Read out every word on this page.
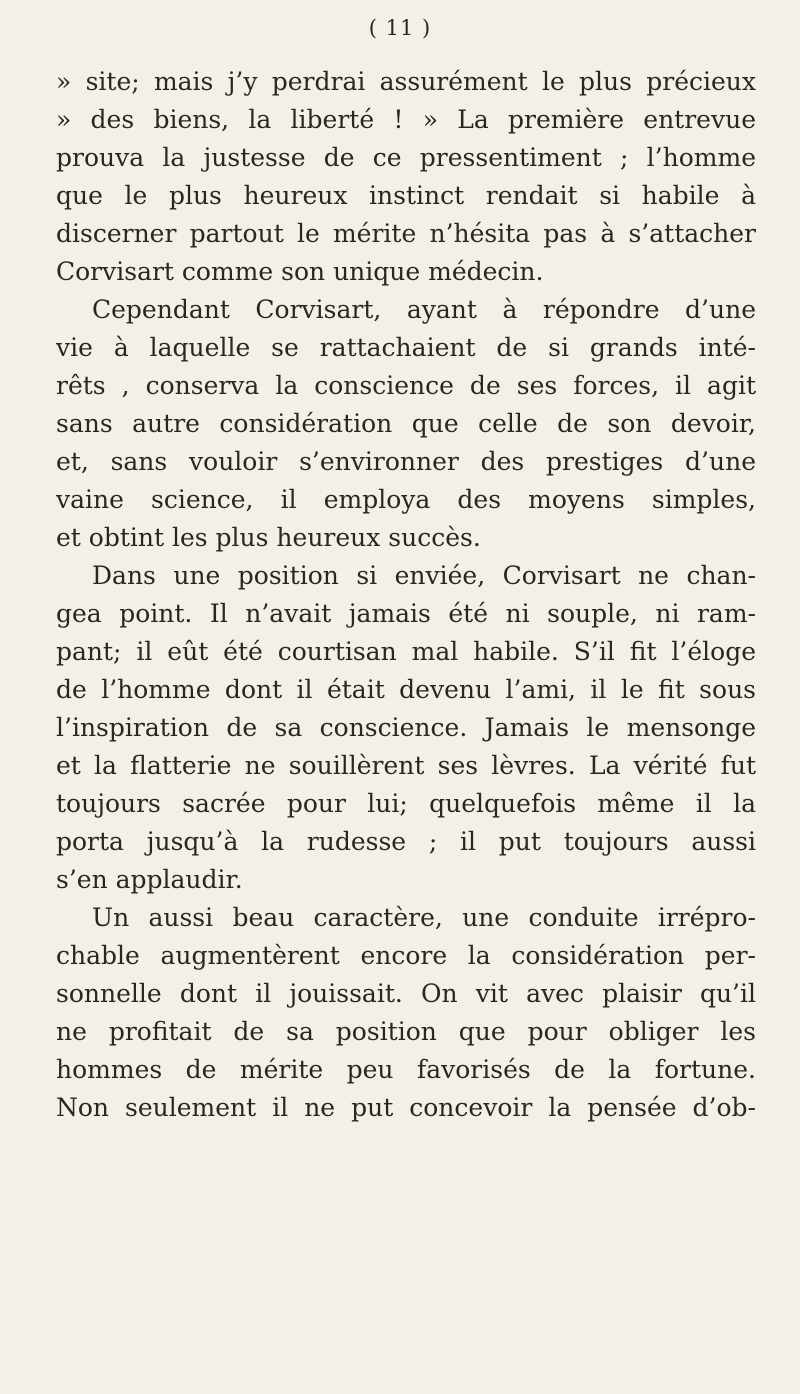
( 11 )
» site; mais j’y perdrai assurément le plus précieux
» des biens, la liberté ! » La première entrevue
prouva la justesse de ce pressentiment ; l’homme
que le plus heureux instinct rendait si habile à
discerner partout le mérite n’hésita pas à s’attacher
Corvisart comme son unique médecin.
Cependant Corvisart, ayant à répondre d’une
vie à laquelle se rattachaient de si grands inté-
rêts , conserva la conscience de ses forces, il agit
sans autre considération que celle de son devoir,
et, sans vouloir s’environner des prestiges d’une
vaine science, il employa des moyens simples,
et obtint les plus heureux succès.
Dans une position si enviée, Corvisart ne chan-
gea point. Il n’avait jamais été ni souple, ni ram-
pant; il eût été courtisan mal habile. S’il fit l’éloge
de l’homme dont il était devenu l’ami, il le fit sous
l’inspiration de sa conscience. Jamais le mensonge
et la flatterie ne souillèrent ses lèvres. La vérité fut
toujours sacrée pour lui; quelquefois même il la
porta jusqu’à la rudesse ; il put toujours aussi
s’en applaudir.
Un aussi beau caractère, une conduite irrépro-
chable augmentèrent encore la considération per-
sonnelle dont il jouissait. On vit avec plaisir qu’il
ne profitait de sa position que pour obliger les
hommes de mérite peu favorisés de la fortune.
Non seulement il ne put concevoir la pensée d’ob-
